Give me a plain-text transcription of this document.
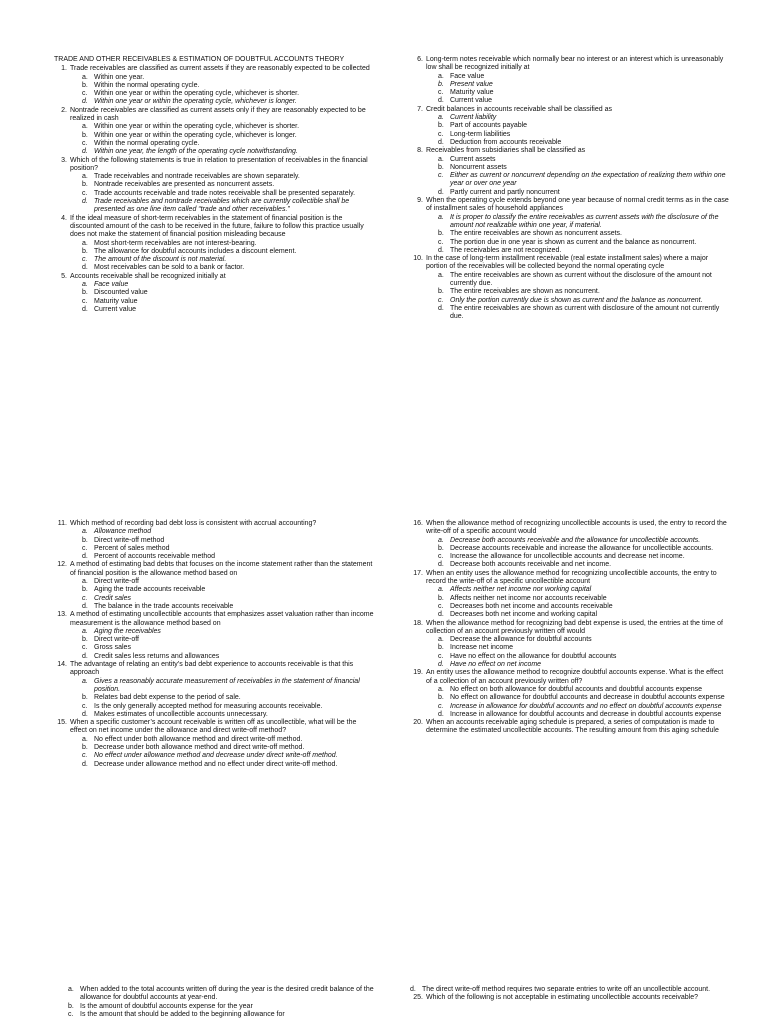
TRADE AND OTHER RECEIVABLES & ESTIMATION OF DOUBTFUL ACCOUNTS THEORY
1. Trade receivables are classified as current assets if they are reasonably expected to be collected
a. Within one year.
b. Within the normal operating cycle.
c. Within one year or within the operating cycle, whichever is shorter.
d. Within one year or within the operating cycle, whichever is longer.
2. Nontrade receivables are classified as current assets only if they are reasonably expected to be realized in cash
a. Within one year or within the operating cycle, whichever is shorter.
b. Within one year or within the operating cycle, whichever is longer.
c. Within the normal operating cycle.
d. Within one year, the length of the operating cycle notwithstanding.
3. Which of the following statements is true in relation to presentation of receivables in the financial position?
a. Trade receivables and nontrade receivables are shown separately.
b. Nontrade receivables are presented as noncurrent assets.
c. Trade accounts receivable and trade notes receivable shall be presented separately.
d. Trade receivables and nontrade receivables which are currently collectible shall be presented as one line item called “trade and other receivables.”
4. If the ideal measure of short-term receivables in the statement of financial position is the discounted amount of the cash to be received in the future, failure to follow this practice usually does not make the statement of financial position misleading because
a. Most short-term receivables are not interest-bearing.
b. The allowance for doubtful accounts includes a discount element.
c. The amount of the discount is not material.
d. Most receivables can be sold to a bank or factor.
5. Accounts receivable shall be recognized initially at
a. Face value
b. Discounted value
c. Maturity value
d. Current value
6. Long-term notes receivable which normally bear no interest or an interest which is unreasonably low shall be recognized initially at
a. Face value
b. Present value
c. Maturity value
d. Current value
7. Credit balances in accounts receivable shall be classified as
a. Current liability
b. Part of accounts payable
c. Long-term liabilities
d. Deduction from accounts receivable
8. Receivables from subsidiaries shall be classified as
a. Current assets
b. Noncurrent assets
c. Either as current or noncurrent depending on the expectation of realizing them within one year or over one year
d. Partly current and partly noncurrent
9. When the operating cycle extends beyond one year because of normal credit terms as in the case of installment sales of household appliances
a. It is proper to classify the entire receivables as current assets with the disclosure of the amount not realizable within one year, if material.
b. The entire receivables are shown as noncurrent assets.
c. The portion due in one year is shown as current and the balance as noncurrent.
d. The receivables are not recognized.
10. In the case of long-term installment receivable (real estate installment sales) where a major portion of the receivables will be collected beyond the normal operating cycle
a. The entire receivables are shown as current without the disclosure of the amount not currently due.
b. The entire receivables are shown as noncurrent.
c. Only the portion currently due is shown as current and the balance as noncurrent.
d. The entire receivables are shown as current with disclosure of the amount not currently due.
11. Which method of recording bad debt loss is consistent with accrual accounting?
a. Allowance method
b. Direct write-off method
c. Percent of sales method
d. Percent of accounts receivable method
12. A method of estimating bad debts that focuses on the income statement rather than the statement of financial position is the allowance method based on
a. Direct write-off
b. Aging the trade accounts receivable
c. Credit sales
d. The balance in the trade accounts receivable
13. A method of estimating uncollectible accounts that emphasizes asset valuation rather than income measurement is the allowance method based on
a. Aging the receivables
b. Direct write-off
c. Gross sales
d. Credit sales less returns and allowances
14. The advantage of relating an entity’s bad debt experience to accounts receivable is that this approach
a. Gives a reasonably accurate measurement of receivables in the statement of financial position.
b. Relates bad debt expense to the period of sale.
c. Is the only generally accepted method for measuring accounts receivable.
d. Makes estimates of uncollectible accounts unnecessary.
15. When a specific customer’s account receivable is written off as uncollectible, what will be the effect on net income under the allowance and direct write-off method?
a. No effect under both allowance method and direct write-off method.
b. Decrease under both allowance method and direct write-off method.
c. No effect under allowance method and decrease under direct write-off method.
d. Decrease under allowance method and no effect under direct write-off method.
16. When the allowance method of recognizing uncollectible accounts is used, the entry to record the write-off of a specific account would
a. Decrease both accounts receivable and the allowance for uncollectible accounts.
b. Decrease accounts receivable and increase the allowance for uncollectible accounts.
c. Increase the allowance for uncollectible accounts and decrease net income.
d. Decrease both accounts receivable and net income.
17. When an entity uses the allowance method for recognizing uncollectible accounts, the entry to record the write-off of a specific uncollectible account
a. Affects neither net income nor working capital
b. Affects neither net income nor accounts receivable
c. Decreases both net income and accounts receivable
d. Decreases both net income and working capital
18. When the allowance method for recognizing bad debt expense is used, the entries at the time of collection of an account previously written off would
a. Decrease the allowance for doubtful accounts
b. Increase net income
c. Have no effect on the allowance for doubtful accounts
d. Have no effect on net income
19. An entity uses the allowance method to recognize doubtful accounts expense. What is the effect of a collection of an account previously written off?
a. No effect on both allowance for doubtful accounts and doubtful accounts expense
b. No effect on allowance for doubtful accounts and decrease in doubtful accounts expense
c. Increase in allowance for doubtful accounts and no effect on doubtful accounts expense
d. Increase in allowance for doubtful accounts and decrease in doubtful accounts expense
20. When an accounts receivable aging schedule is prepared, a series of computation is made to determine the estimated uncollectible accounts. The resulting amount from this aging schedule
a. When added to the total accounts written off during the year is the desired credit balance of the allowance for doubtful accounts at year-end.
b. Is the amount of doubtful accounts expense for the year
c. Is the amount that should be added to the beginning allowance for
d. The direct write-off method requires two separate entries to write off an uncollectible account.
25. Which of the following is not acceptable in estimating uncollectible accounts receivable?
